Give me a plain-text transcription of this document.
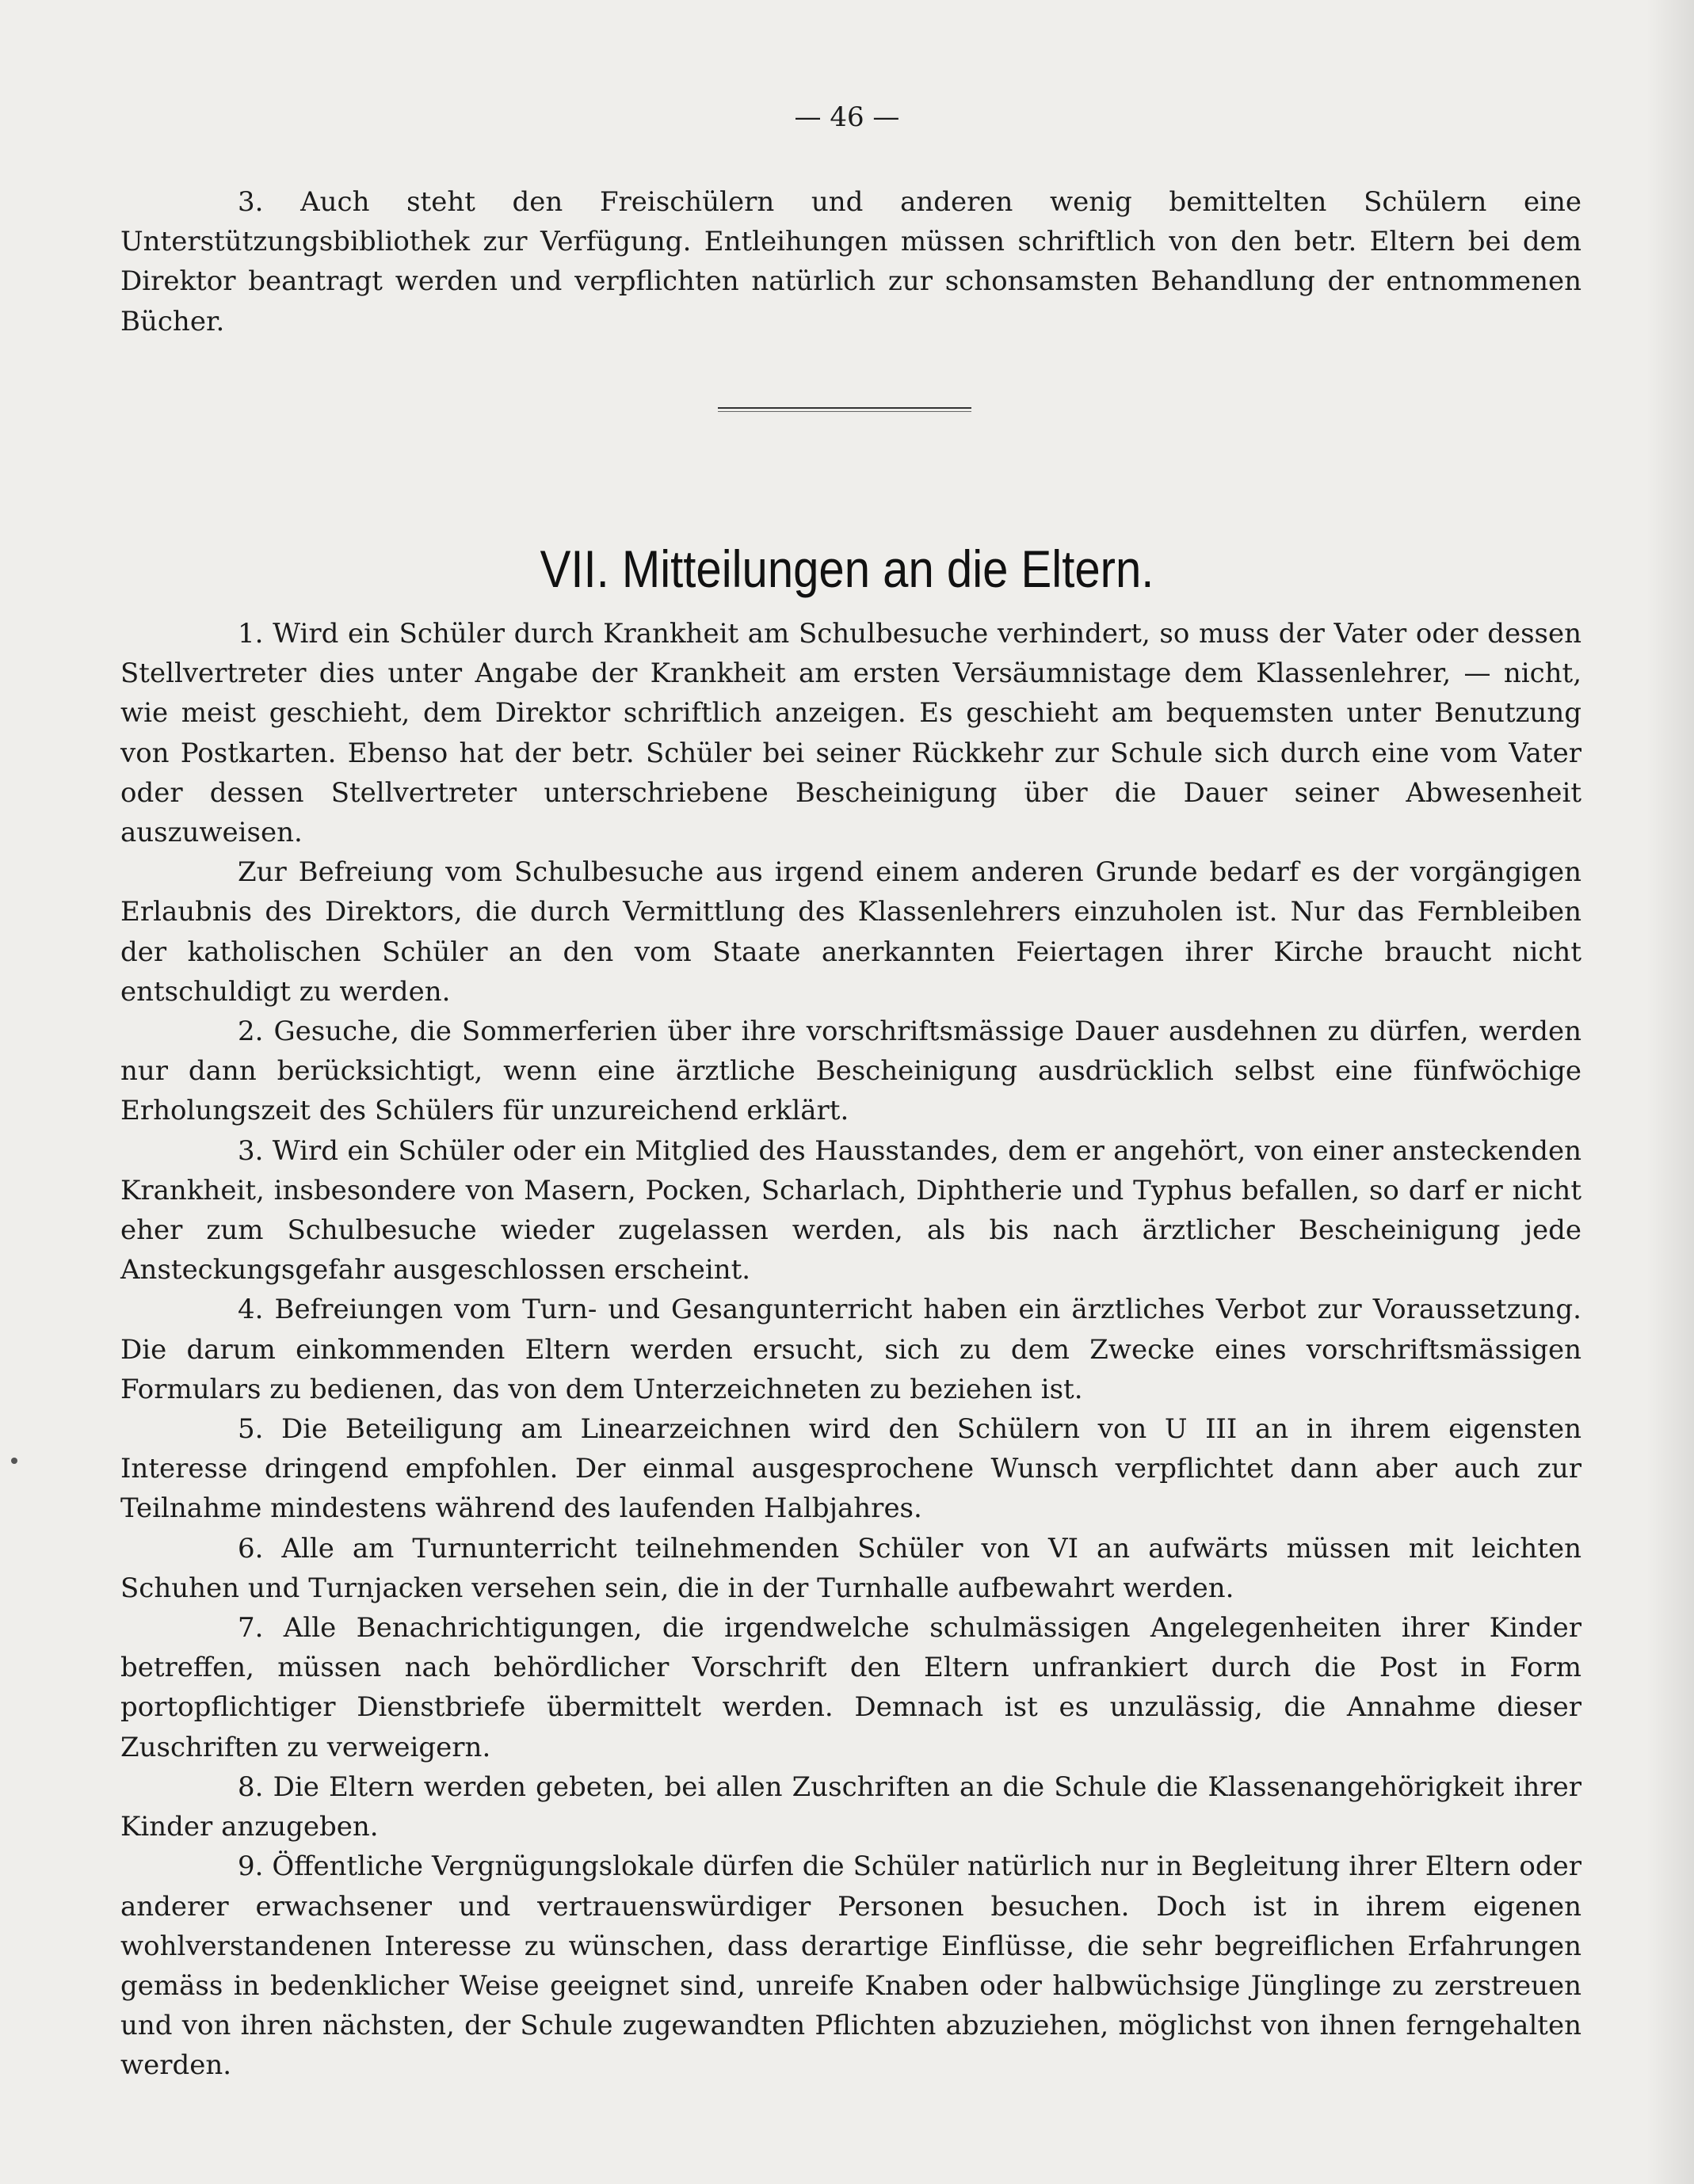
— 46 —

3. Auch steht den Freischülern und anderen wenig bemittelten Schülern eine Unterstützungsbibliothek zur Verfügung. Entleihungen müssen schriftlich von den betr. Eltern bei dem Direktor beantragt werden und verpflichten natürlich zur schonsamsten Behandlung der entnommenen Bücher.

VII. Mitteilungen an die Eltern.

1. Wird ein Schüler durch Krankheit am Schulbesuche verhindert, so muss der Vater oder dessen Stellvertreter dies unter Angabe der Krankheit am ersten Versäumnistage dem Klassenlehrer, — nicht, wie meist geschieht, dem Direktor schriftlich anzeigen. Es geschieht am bequemsten unter Benutzung von Postkarten. Ebenso hat der betr. Schüler bei seiner Rückkehr zur Schule sich durch eine vom Vater oder dessen Stellvertreter unterschriebene Bescheinigung über die Dauer seiner Abwesenheit auszuweisen.

Zur Befreiung vom Schulbesuche aus irgend einem anderen Grunde bedarf es der vorgängigen Erlaubnis des Direktors, die durch Vermittlung des Klassenlehrers einzuholen ist. Nur das Fernbleiben der katholischen Schüler an den vom Staate anerkannten Feiertagen ihrer Kirche braucht nicht entschuldigt zu werden.

2. Gesuche, die Sommerferien über ihre vorschriftsmässige Dauer ausdehnen zu dürfen, werden nur dann berücksichtigt, wenn eine ärztliche Bescheinigung ausdrücklich selbst eine fünfwöchige Erholungszeit des Schülers für unzureichend erklärt.

3. Wird ein Schüler oder ein Mitglied des Hausstandes, dem er angehört, von einer ansteckenden Krankheit, insbesondere von Masern, Pocken, Scharlach, Diphtherie und Typhus befallen, so darf er nicht eher zum Schulbesuche wieder zugelassen werden, als bis nach ärztlicher Bescheinigung jede Ansteckungsgefahr ausgeschlossen erscheint.

4. Befreiungen vom Turn- und Gesangunterricht haben ein ärztliches Verbot zur Voraussetzung. Die darum einkommenden Eltern werden ersucht, sich zu dem Zwecke eines vorschriftsmässigen Formulars zu bedienen, das von dem Unterzeichneten zu beziehen ist.

5. Die Beteiligung am Linearzeichnen wird den Schülern von U III an in ihrem eigensten Interesse dringend empfohlen. Der einmal ausgesprochene Wunsch verpflichtet dann aber auch zur Teilnahme mindestens während des laufenden Halbjahres.

6. Alle am Turnunterricht teilnehmenden Schüler von VI an aufwärts müssen mit leichten Schuhen und Turnjacken versehen sein, die in der Turnhalle aufbewahrt werden.

7. Alle Benachrichtigungen, die irgendwelche schulmässigen Angelegenheiten ihrer Kinder betreffen, müssen nach behördlicher Vorschrift den Eltern unfrankiert durch die Post in Form portopflichtiger Dienstbriefe übermittelt werden. Demnach ist es unzulässig, die Annahme dieser Zuschriften zu verweigern.

8. Die Eltern werden gebeten, bei allen Zuschriften an die Schule die Klassenangehörigkeit ihrer Kinder anzugeben.

9. Öffentliche Vergnügungslokale dürfen die Schüler natürlich nur in Begleitung ihrer Eltern oder anderer erwachsener und vertrauenswürdiger Personen besuchen. Doch ist in ihrem eigenen wohlverstandenen Interesse zu wünschen, dass derartige Einflüsse, die sehr begreiflichen Erfahrungen gemäss in bedenklicher Weise geeignet sind, unreife Knaben oder halbwüchsige Jünglinge zu zerstreuen und von ihren nächsten, der Schule zugewandten Pflichten abzuziehen, möglichst von ihnen ferngehalten werden.
